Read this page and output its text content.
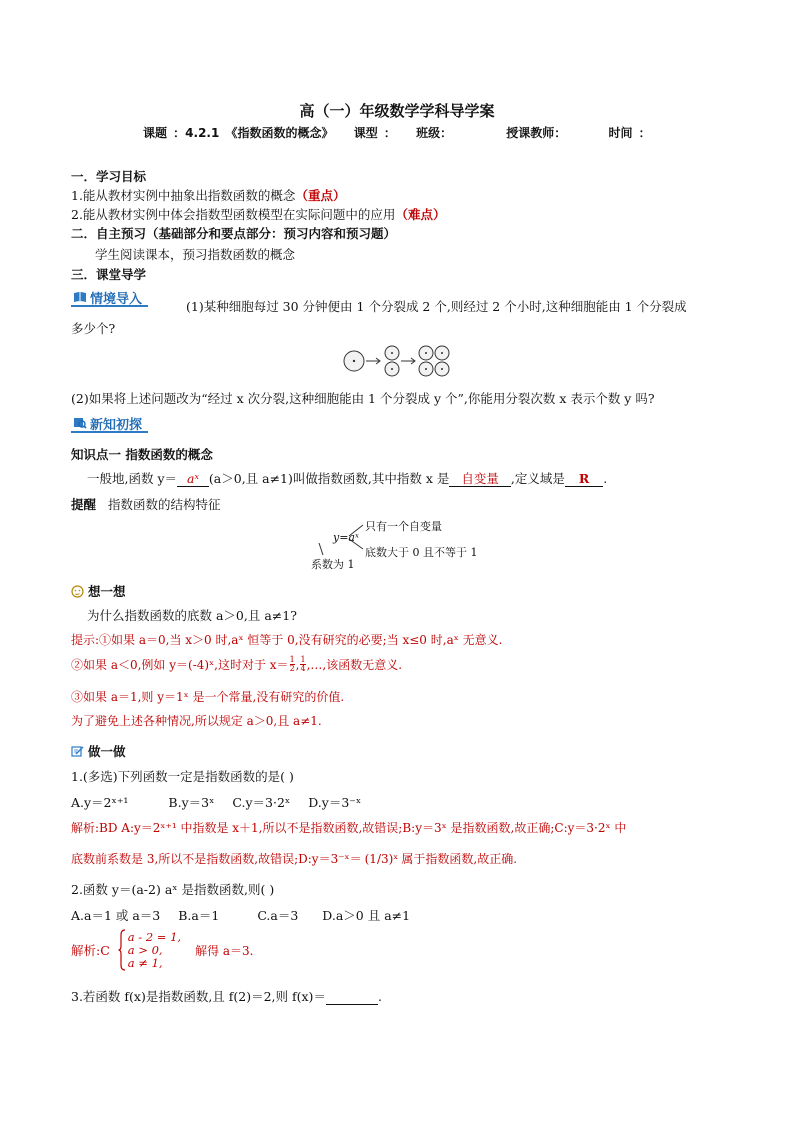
高（一）年级数学学科导学案
课题 ：4.2.1 《指数函数的概念》 课型 ： 班级：	授课教师：	时间 ：
一．学习目标
1.能从教材实例中抽象出指数函数的概念（重点）
2.能从教材实例中体会指数型函数模型在实际问题中的应用（难点）
二．自主预习（基础部分和要点部分：预习内容和预习题）
学生阅读课本，预习指数函数的概念
三．课堂导学
情境导入	(1)某种细胞每过 30 分钟便由 1 个分裂成 2 个,则经过 2 个小时,这种细胞能由 1 个分裂成
多少个?
(2)如果将上述问题改为“经过 x 次分裂,这种细胞能由 1 个分裂成 y 个”,你能用分裂次数 x 表示个数 y 吗?
新知初探
知识点一 指数函数的概念
一般地,函数 y＝ aˣ (a＞0,且 a≠1)叫做指数函数,其中指数 x 是 自变量 ,定义域是 R .
提醒 指数函数的结构特征
y=aˣ
只有一个自变量
底数大于 0 且不等于 1
系数为 1
想一想
为什么指数函数的底数 a＞0,且 a≠1?
提示:①如果 a＝0,当 x＞0 时,aˣ 恒等于 0,没有研究的必要;当 x≤0 时,aˣ 无意义.
②如果 a＜0,例如 y＝(-4)ˣ,这时对于 $x= \frac{1}{2}$ , $\frac{1}{4}$ ,…,该函数无意义.
③如果 a＝1,则 y＝1ˣ 是一个常量,没有研究的价值.
为了避免上述各种情况,所以规定 a＞0,且 a≠1.
做一做
1.(多选)下列函数一定是指数函数的是( )
A.y＝2ˣ⁺¹	B.y＝3ˣ C.y＝3·2ˣ D.y＝3⁻ˣ
解析:BD A:y＝2ˣ⁺¹ 中指数是 x＋1,所以不是指数函数,故错误;B:y＝3ˣ 是指数函数,故正确;C:y＝3·2ˣ 中
底数前系数是 3,所以不是指数函数,故错误;D:y＝3⁻ˣ＝ (1/3)ˣ 属于指数函数,故正确.
2.函数 y＝(a-2) aˣ 是指数函数,则( )
A.a＝1 或 a＝3 B.a＝1	C.a＝3 D.a＞0 且 a≠1
解析:C
a - 2 = 1,
a > 0,
a ≠ 1,
解得 a＝3.
3.若函数 f(x)是指数函数,且 f(2)＝2,则 f(x)＝	.
